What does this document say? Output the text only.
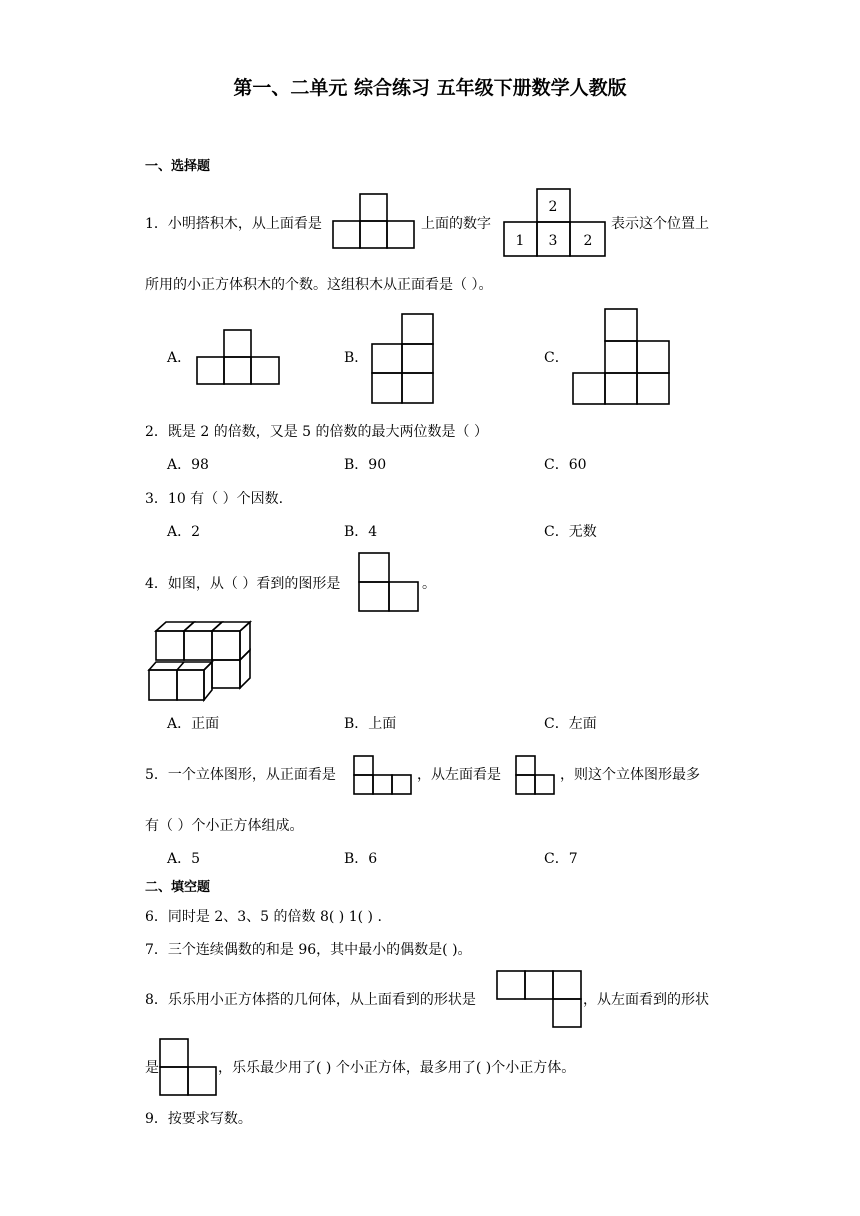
第一、二单元 综合练习 五年级下册数学人教版
一、选择题
1．小明搭积木，从上面看是	上面的数字
2
1 3 2
表示这个位置上
所用的小正方体积木的个数。这组积木从正面看是（ ）。
A．	B．	C．
2．既是 2 的倍数，又是 5 的倍数的最大两位数是（ ）
A．98	B．90	C．60
3．10 有（ ）个因数.
A．2	B．4	C．无数
4．如图，从（ ）看到的图形是	。
A．正面	B．上面	C．左面
5．一个立体图形，从正面看是	，从左面看是	，则这个立体图形最多
有（ ）个小正方体组成。
A．5	B．6	C．7
二、填空题
6．同时是 2、3、5 的倍数 8( ) 1( ) .
7．三个连续偶数的和是 96，其中最小的偶数是( )。
8．乐乐用小正方体搭的几何体，从上面看到的形状是	，从左面看到的形状
是	，乐乐最少用了( ) 个小正方体，最多用了( )个小正方体。
9．按要求写数。
